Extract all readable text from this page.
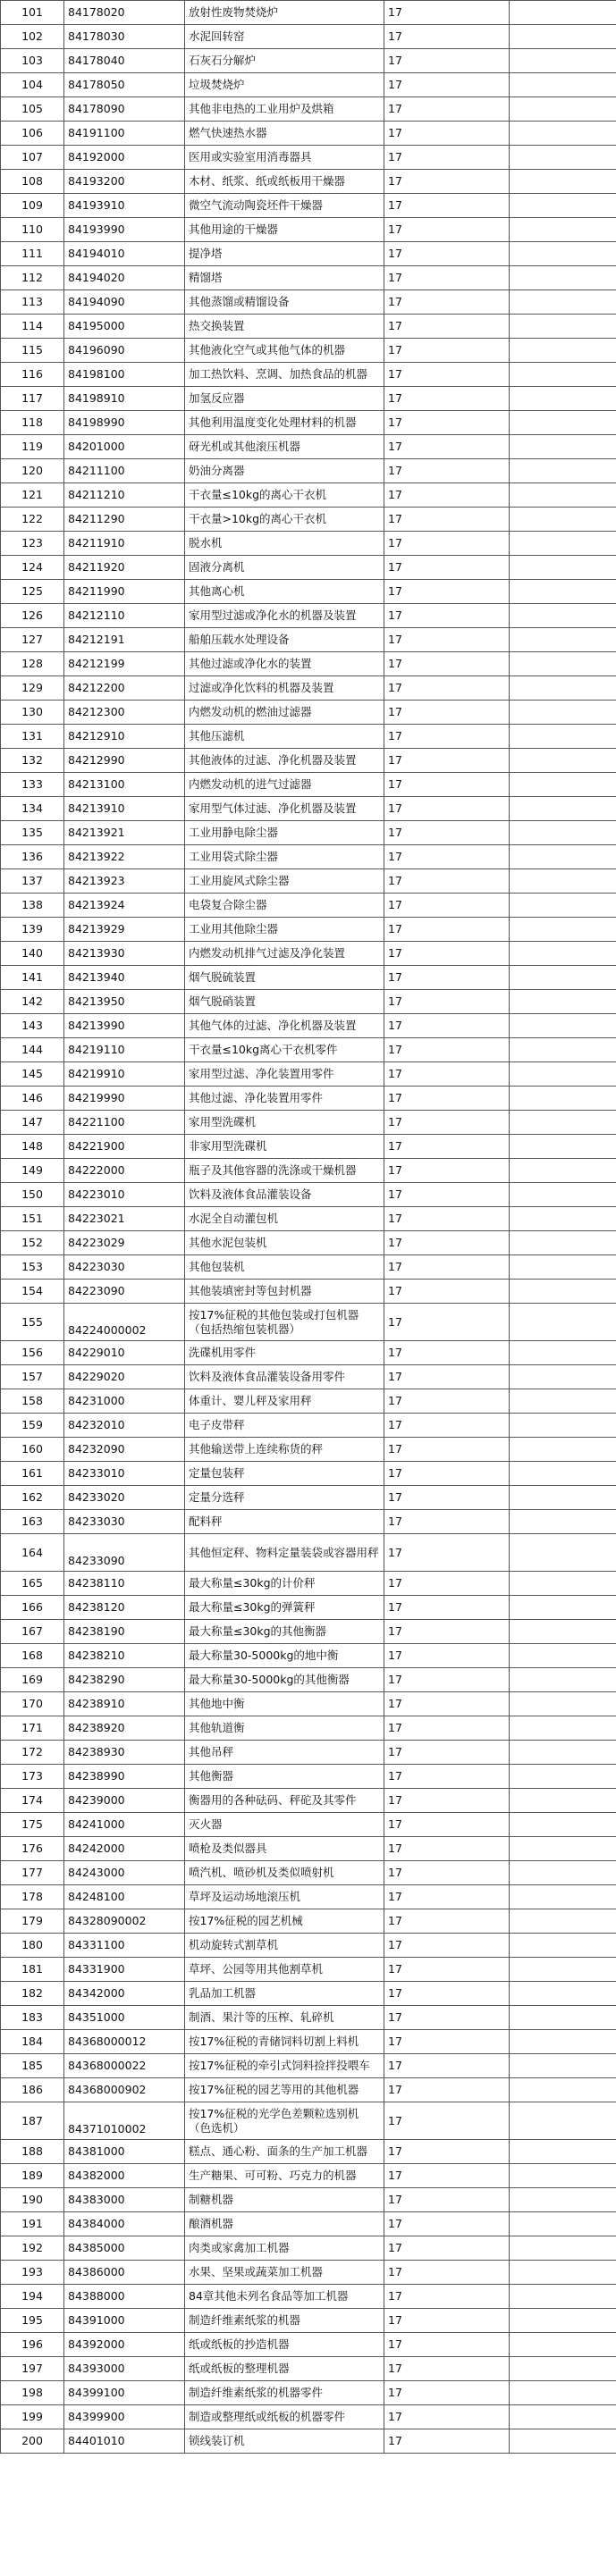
101	84178020	放射性废物焚烧炉	17	
102	84178030	水泥回转窑	17	
103	84178040	石灰石分解炉	17	
104	84178050	垃圾焚烧炉	17	
105	84178090	其他非电热的工业用炉及烘箱	17	
106	84191100	燃气快速热水器	17	
107	84192000	医用或实验室用消毒器具	17	
108	84193200	木材、纸浆、纸或纸板用干燥器	17	
109	84193910	微空气流动陶瓷坯件干燥器	17	
110	84193990	其他用途的干燥器	17	
111	84194010	提净塔	17	
112	84194020	精馏塔	17	
113	84194090	其他蒸馏或精馏设备	17	
114	84195000	热交换装置	17	
115	84196090	其他液化空气或其他气体的机器	17	
116	84198100	加工热饮料、烹调、加热食品的机器	17	
117	84198910	加氢反应器	17	
118	84198990	其他利用温度变化处理材料的机器	17	
119	84201000	砑光机或其他滚压机器	17	
120	84211100	奶油分离器	17	
121	84211210	干衣量≤10kg的离心干衣机	17	
122	84211290	干衣量>10kg的离心干衣机	17	
123	84211910	脱水机	17	
124	84211920	固液分离机	17	
125	84211990	其他离心机	17	
126	84212110	家用型过滤或净化水的机器及装置	17	
127	84212191	船舶压载水处理设备	17	
128	84212199	其他过滤或净化水的装置	17	
129	84212200	过滤或净化饮料的机器及装置	17	
130	84212300	内燃发动机的燃油过滤器	17	
131	84212910	其他压滤机	17	
132	84212990	其他液体的过滤、净化机器及装置	17	
133	84213100	内燃发动机的进气过滤器	17	
134	84213910	家用型气体过滤、净化机器及装置	17	
135	84213921	工业用静电除尘器	17	
136	84213922	工业用袋式除尘器	17	
137	84213923	工业用旋风式除尘器	17	
138	84213924	电袋复合除尘器	17	
139	84213929	工业用其他除尘器	17	
140	84213930	内燃发动机排气过滤及净化装置	17	
141	84213940	烟气脱硫装置	17	
142	84213950	烟气脱硝装置	17	
143	84213990	其他气体的过滤、净化机器及装置	17	
144	84219110	干衣量≤10kg离心干衣机零件	17	
145	84219910	家用型过滤、净化装置用零件	17	
146	84219990	其他过滤、净化装置用零件	17	
147	84221100	家用型洗碟机	17	
148	84221900	非家用型洗碟机	17	
149	84222000	瓶子及其他容器的洗涤或干燥机器	17	
150	84223010	饮料及液体食品灌装设备	17	
151	84223021	水泥全自动灌包机	17	
152	84223029	其他水泥包装机	17	
153	84223030	其他包装机	17	
154	84223090	其他装填密封等包封机器	17	
155	84224000002	按17%征税的其他包装或打包机器（包括热缩包装机器）	17	
156	84229010	洗碟机用零件	17	
157	84229020	饮料及液体食品灌装设备用零件	17	
158	84231000	体重计、婴儿秤及家用秤	17	
159	84232010	电子皮带秤	17	
160	84232090	其他输送带上连续称货的秤	17	
161	84233010	定量包装秤	17	
162	84233020	定量分选秤	17	
163	84233030	配料秤	17	
164	84233090	其他恒定秤、物料定量装袋或容器用秤	17	
165	84238110	最大称量≤30kg的计价秤	17	
166	84238120	最大称量≤30kg的弹簧秤	17	
167	84238190	最大称量≤30kg的其他衡器	17	
168	84238210	最大称量30-5000kg的地中衡	17	
169	84238290	最大称量30-5000kg的其他衡器	17	
170	84238910	其他地中衡	17	
171	84238920	其他轨道衡	17	
172	84238930	其他吊秤	17	
173	84238990	其他衡器	17	
174	84239000	衡器用的各种砝码、秤砣及其零件	17	
175	84241000	灭火器	17	
176	84242000	喷枪及类似器具	17	
177	84243000	喷汽机、喷砂机及类似喷射机	17	
178	84248100	草坪及运动场地滚压机	17	
179	84328090002	按17%征税的园艺机械	17	
180	84331100	机动旋转式割草机	17	
181	84331900	草坪、公园等用其他割草机	17	
182	84342000	乳品加工机器	17	
183	84351000	制酒、果汁等的压榨、轧碎机	17	
184	84368000012	按17%征税的青储饲料切割上料机	17	
185	84368000022	按17%征税的牵引式饲料捡拌投喂车	17	
186	84368000902	按17%征税的园艺等用的其他机器	17	
187	84371010002	按17%征税的光学色差颗粒选别机（色选机）	17	
188	84381000	糕点、通心粉、面条的生产加工机器	17	
189	84382000	生产糖果、可可粉、巧克力的机器	17	
190	84383000	制糖机器	17	
191	84384000	酿酒机器	17	
192	84385000	肉类或家禽加工机器	17	
193	84386000	水果、坚果或蔬菜加工机器	17	
194	84388000	84章其他未列名食品等加工机器	17	
195	84391000	制造纤维素纸浆的机器	17	
196	84392000	纸或纸板的抄造机器	17	
197	84393000	纸或纸板的整理机器	17	
198	84399100	制造纤维素纸浆的机器零件	17	
199	84399900	制造或整理纸或纸板的机器零件	17	
200	84401010	锁线装订机	17	
